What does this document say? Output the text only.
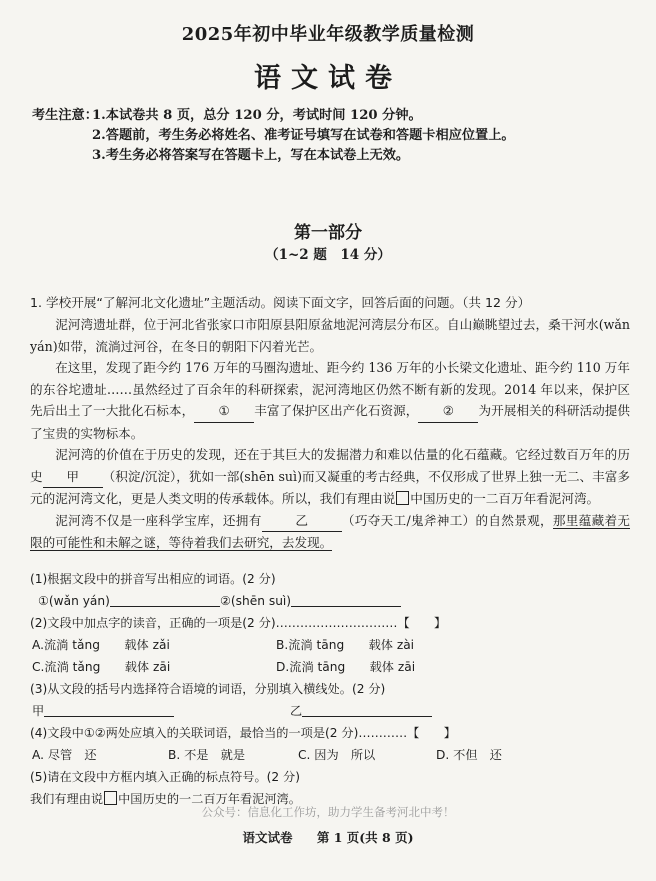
2025年初中毕业年级教学质量检测
语文试卷
考生注意：
1.本试卷共 8 页，总分 120 分，考试时间 120 分钟。
2.答题前，考生务必将姓名、准考证号填写在试卷和答题卡相应位置上。
3.考生务必将答案写在答题卡上，写在本试卷上无效。
第一部分
（1~2 题　14 分）
1. 学校开展“了解河北文化遗址”主题活动。阅读下面文字，回答后面的问题。（共 12 分）

泥河湾遗址群，位于河北省张家口市阳原县阳原盆地泥河湾层分布区。自山巅眺望过去，桑干河水(wǎn yán)如带，流淌过河谷，在冬日的朝阳下闪着光芒。

在这里，发现了距今约 176 万年的马圈沟遗址、距今约 136 万年的小长梁文化遗址、距今约 110 万年的东谷坨遗址……虽然经过了百余年的科研探索，泥河湾地区仍然不断有新的发现。2014 年以来，保护区先后出土了一大批化石标本， ① 丰富了保护区出产化石资源， ② 为开展相关的科研活动提供了宝贵的实物标本。

泥河湾的价值在于历史的发现，还在于其巨大的发掘潜力和难以估量的化石蕴藏。它经过数百万年的历史 甲 （积淀/沉淀），犹如一部(shēn suì)而又凝重的考古经典，不仅形成了世界上独一无二、丰富多元的泥河湾文化，更是人类文明的传承载体。所以，我们有理由说 中国历史的一二百万年看泥河湾。

泥河湾不仅是一座科学宝库，还拥有	乙	（巧夺天工/鬼斧神工）的自然景观，那里蕴藏着无限的可能性和未解之谜，等待着我们去研究，去发现。

(1)根据文段中的拼音写出相应的词语。(2 分)
①(wǎn yán)	②(shēn suì)
(2)文段中加点字的读音，正确的一项是(2 分)…………………………【　　】
A.流淌 tǎng　　载体 zǎi	B.流淌 tāng　　载体 zài
C.流淌 tǎng　　载体 zāi	D.流淌 tāng　　载体 zāi
(3)从文段的括号内选择符合语境的词语，分别填入横线处。(2 分)
甲	乙
(4)文段中①②两处应填入的关联词语，最恰当的一项是(2 分)…………【　　】
A. 尽管　还	B. 不是　就是	C. 因为　所以	D. 不但　还
(5)请在文段中方框内填入正确的标点符号。(2 分)
我们有理由说 中国历史的一二百万年看泥河湾。
公众号：信息化工作坊，助力学生备考河北中考！
语文试卷 第 1 页(共 8 页)
